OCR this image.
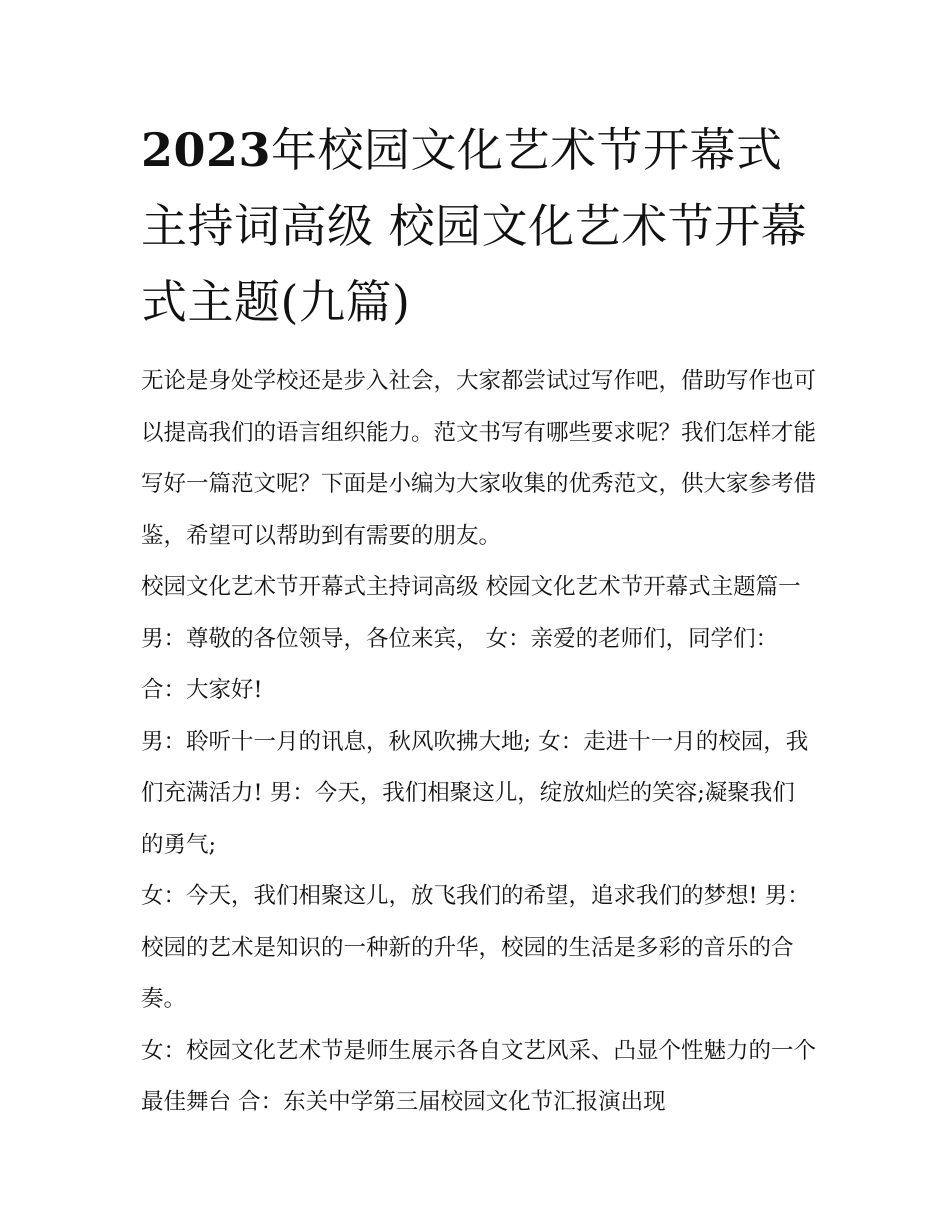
2023年校园文化艺术节开幕式主持词高级 校园文化艺术节开幕式主题(九篇)

无论是身处学校还是步入社会，大家都尝试过写作吧，借助写作也可以提高我们的语言组织能力。范文书写有哪些要求呢？我们怎样才能写好一篇范文呢？下面是小编为大家收集的优秀范文，供大家参考借鉴，希望可以帮助到有需要的朋友。

校园文化艺术节开幕式主持词高级 校园文化艺术节开幕式主题篇一 男：尊敬的各位领导，各位来宾， 女：亲爱的老师们，同学们：合：大家好!

男：聆听十一月的讯息，秋风吹拂大地; 女：走进十一月的校园，我们充满活力! 男：今天，我们相聚这儿，绽放灿烂的笑容;凝聚我们的勇气;

女：今天，我们相聚这儿，放飞我们的希望，追求我们的梦想! 男：校园的艺术是知识的一种新的升华，校园的生活是多彩的音乐的合奏。

女：校园文化艺术节是师生展示各自文艺风采、凸显个性魅力的一个最佳舞台 合：东关中学第三届校园文化节汇报演出现
